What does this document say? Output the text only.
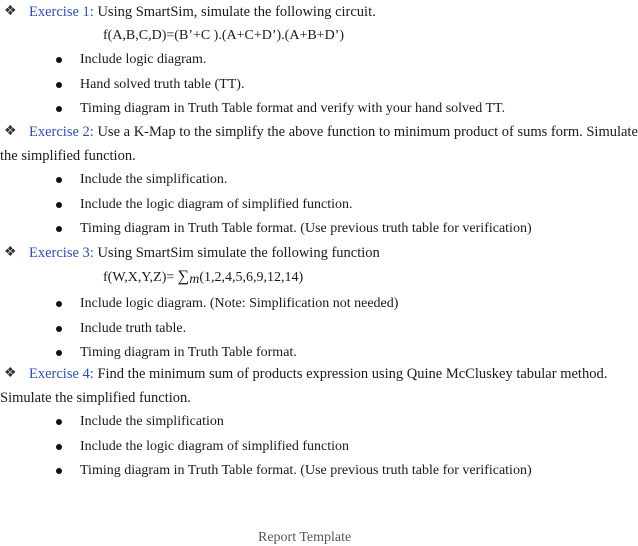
❖ Exercise 1: Using SmartSim, simulate the following circuit.
f(A,B,C,D)=(B’+C ).(A+C+D’).(A+B+D’)
Include logic diagram.
Hand solved truth table (TT).
Timing diagram in Truth Table format and verify with your hand solved TT.
❖ Exercise 2: Use a K-Map to the simplify the above function to minimum product of sums form. Simulate
the simplified function.
Include the simplification.
Include the logic diagram of simplified function.
Timing diagram in Truth Table format. (Use previous truth table for verification)
❖ Exercise 3: Using SmartSim simulate the following function
f(W,X,Y,Z)= ∑m(1,2,4,5,6,9,12,14)
Include logic diagram. (Note: Simplification not needed)
Include truth table.
Timing diagram in Truth Table format.
❖ Exercise 4: Find the minimum sum of products expression using Quine McCluskey tabular method.
Simulate the simplified function.
Include the simplification
Include the logic diagram of simplified function
Timing diagram in Truth Table format. (Use previous truth table for verification)
Report Template
